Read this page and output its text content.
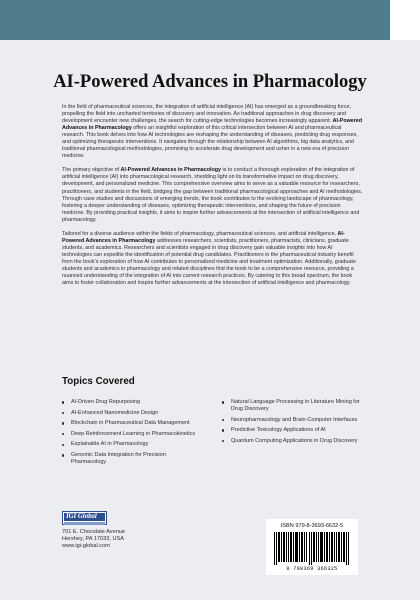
AI-Powered Advances in Pharmacology

In the field of pharmaceutical sciences, the integration of artificial intelligence (AI) has emerged as a groundbreaking force, propelling the field into uncharted territories of discovery and innovation. As traditional approaches in drug discovery and development encounter new challenges, the search for cutting-edge technologies becomes increasingly apparent. AI-Powered Advances in Pharmacology offers an insightful exploration of this critical intersection between AI and pharmaceutical research. This book delves into how AI technologies are reshaping the understanding of diseases, predicting drug responses, and optimizing therapeutic interventions. It navigates through the relationship between AI algorithms, big data analytics, and traditional pharmacological methodologies, promising to accelerate drug development and usher in a new era of precision medicine.

The primary objective of AI-Powered Advances in Pharmacology is to conduct a thorough exploration of the integration of artificial intelligence (AI) into pharmacological research, shedding light on its transformative impact on drug discovery, development, and personalized medicine. This comprehensive overview aims to serve as a valuable resource for researchers, practitioners, and students in the field, bridging the gap between traditional pharmacological approaches and AI methodologies. Through case studies and discussions of emerging trends, the book contributes to the evolving landscape of pharmacology, fostering a deeper understanding of diseases, optimizing therapeutic interventions, and shaping the future of precision medicine. By providing practical insights, it aims to inspire further advancements at the intersection of artificial intelligence and pharmacology.

Tailored for a diverse audience within the fields of pharmacology, pharmaceutical sciences, and artificial intelligence, AI-Powered Advances in Pharmacology addresses researchers, scientists, practitioners, pharmacists, clinicians, graduate students, and academics. Researchers and scientists engaged in drug discovery gain valuable insights into how AI technologies can expedite the identification of potential drug candidates. Practitioners in the pharmaceutical industry benefit from the book's exploration of how AI contributes to personalized medicine and treatment optimization. Additionally, graduate students and academics in pharmacology and related disciplines find the book to be a comprehensive resource, providing a nuanced understanding of the integration of AI into current research practices. By catering to this broad spectrum, the book aims to foster collaboration and inspire further advancements at the intersection of artificial intelligence and pharmacology.

Topics Covered
AI-Driven Drug Repurposing
AI-Enhanced Nanomedicine Design
Blockchain in Pharmaceutical Data Management
Deep Reinforcement Learning in Pharmacokinetics
Explainable AI in Pharmacology
Genomic Data Integration for Precision Pharmacology
Natural Language Processing in Literature Mining for Drug Discovery
Neuropharmacology and Brain-Computer Interfaces
Predictive Toxicology Applications of AI
Quantum Computing Applications in Drug Discovery
IGI Global
701 E. Chocolate Avenue
Hershey, PA 17033, USA
www.igi-global.com
ISBN 979-8-3693-6632-5
9 798369 366325
